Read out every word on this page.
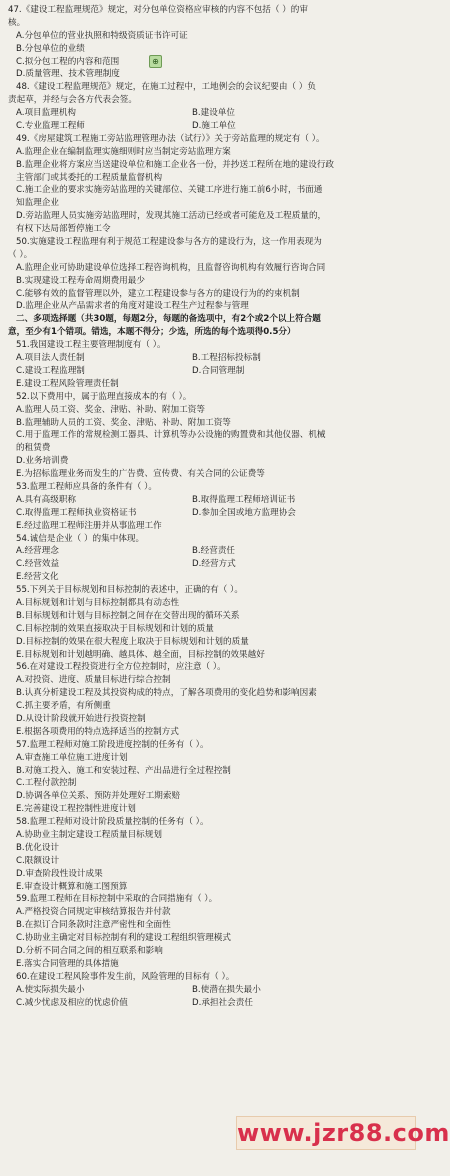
47.《建设工程监理规范》规定，对分包单位资格应审核的内容不包括（ ）的审
核。
A.分包单位的营业执照和特级资质证书许可证
B.分包单位的业绩
C.拟分包工程的内容和范围
D.质量管理、技术管理制度
48.《建设工程监理规范》规定，在施工过程中，工地例会的会议纪要由（ ）负
责起草，并经与会各方代表会签。
A.项目监理机构	B.建设单位
C.专业监理工程师	D.施工单位
49.《房屋建筑工程施工旁站监理管理办法（试行）》关于旁站监理的规定有（ ）。
A.监理企业在编制监理实施细则时应当制定旁站监理方案
B.监理企业将方案应当送建设单位和施工企业各一份，并抄送工程所在地的建设行政
主管部门或其委托的工程质量监督机构
C.施工企业的要求实施旁站监理的关键部位、关键工序进行施工前6小时，书面通
知监理企业
D.旁站监理人员实施旁站监理时，发现其施工活动已经或者可能危及工程质量的，
有权下达局部暂停施工令
50.实施建设工程监理有利于规范工程建设参与各方的建设行为，这一作用表现为
（ ）。
A.监理企业可协助建设单位选择工程咨询机构，且监督咨询机构有效履行咨询合同
B.实现建设工程寿命周期费用最少
C.能够有效的监督管理以外，建立工程建设参与各方的建设行为的约束机制
D.监理企业从产品需求者的角度对建设工程生产过程参与管理
二、多项选择题（共30题，每题2分，每题的备选项中，有2个或2个以上符合题
意，至少有1个错项。错选，本题不得分；少选，所选的每个选项得0.5分）
51.我国建设工程主要管理制度有（ ）。
A.项目法人责任制	B.工程招标投标制
C.建设工程监理制	D.合同管理制
E.建设工程风险管理责任制
52.以下费用中，属于监理直接成本的有（ ）。
A.监理人员工资、奖金、津贴、补助、附加工资等
B.监理辅助人员的工资、奖金、津贴、补助、附加工资等
C.用于监理工作的常规检测工器具、计算机等办公设施的购置费和其他仪器、机械
的租赁费
D.业务培训费
E.为招标监理业务而发生的广告费、宣传费、有关合同的公证费等
53.监理工程师应具备的条件有（ ）。
A.具有高级职称	B.取得监理工程师培训证书
C.取得监理工程师执业资格证书	D.参加全国或地方监理协会
E.经过监理工程师注册并从事监理工作
54.诚信是企业（ ）的集中体现。
A.经营理念	B.经营责任
C.经营效益	D.经营方式
E.经营文化
55.下列关于目标规划和目标控制的表述中，正确的有（ ）。
A.目标规划和计划与目标控制都具有动态性
B.目标规划和计划与目标控制之间存在交替出现的循环关系
C.目标控制的效果直接取决于目标规划和计划的质量
D.目标控制的效果在很大程度上取决于目标规划和计划的质量
E.目标规划和计划越明确、越具体、越全面，目标控制的效果越好
56.在对建设工程投资进行全方位控制时，应注意（ ）。
A.对投资、进度、质量目标进行综合控制
B.认真分析建设工程及其投资构成的特点，了解各项费用的变化趋势和影响因素
C.抓主要矛盾，有所侧重
D.从设计阶段就开始进行投资控制
E.根据各项费用的特点选择适当的控制方式
57.监理工程师对施工阶段进度控制的任务有（ ）。
A.审查施工单位施工进度计划
B.对施工投入、施工和安装过程、产出品进行全过程控制
C.工程付款控制
D.协调各单位关系、预防并处理好工期索赔
E.完善建设工程控制性进度计划
58.监理工程师对设计阶段质量控制的任务有（ ）。
A.协助业主制定建设工程质量目标规划
B.优化设计
C.限额设计
D.审查阶段性设计成果
E.审查设计概算和施工图预算
59.监理工程师在目标控制中采取的合同措施有（ ）。
A.严格投资合同规定审核结算报告并付款
B.在拟订合同条款时注意严密性和全面性
C.协助业主确定对目标控制有利的建设工程组织管理模式
D.分析不同合同之间的相互联系和影响
E.落实合同管理的具体措施
60.在建设工程风险事件发生前，风险管理的目标有（ ）。
A.使实际损失最小	B.使潜在损失最小
C.减少忧虑及相应的忧虑价值	D.承担社会责任
⊕
www.jzr88.com
